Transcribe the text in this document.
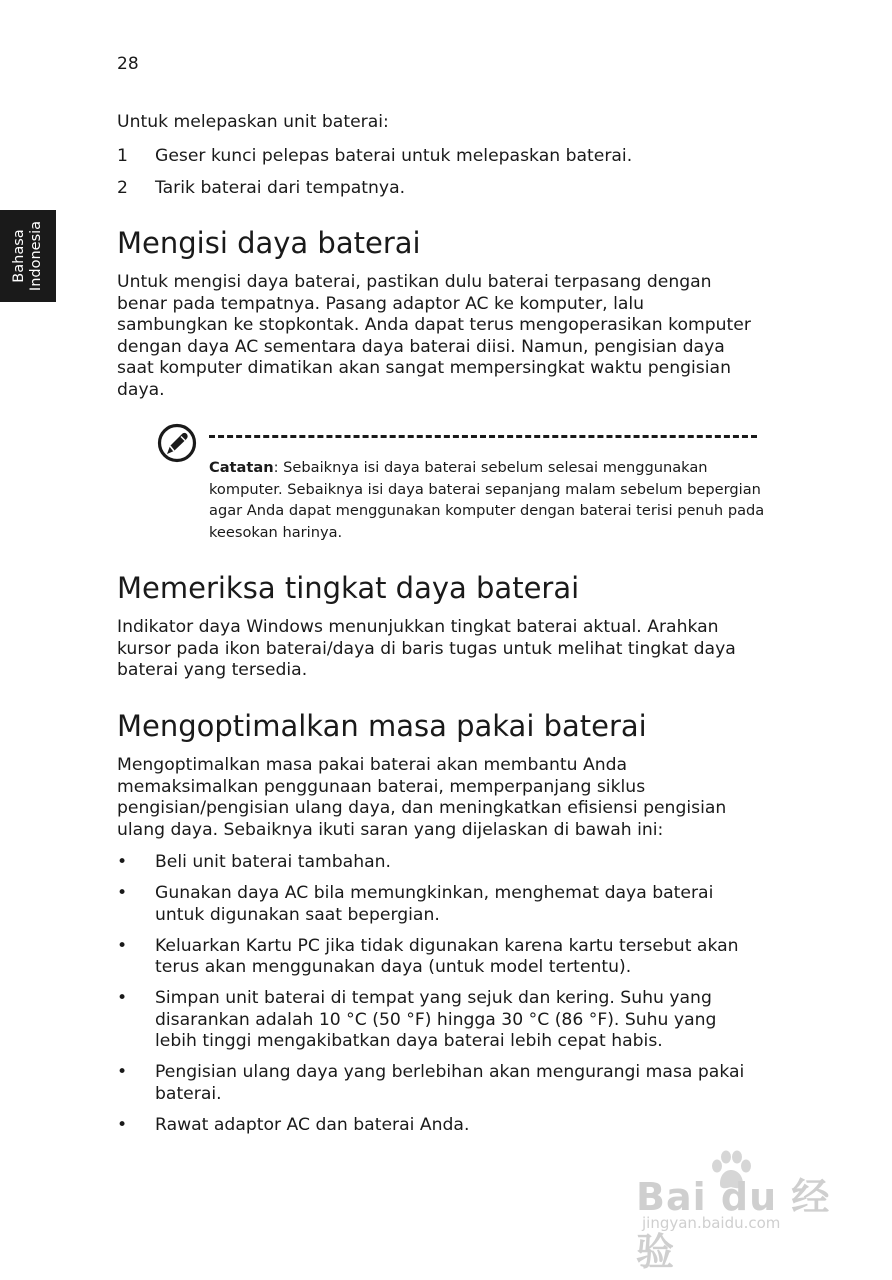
28
Bahasa Indonesia

Untuk melepaskan unit baterai:

1 Geser kunci pelepas baterai untuk melepaskan baterai.
2 Tarik baterai dari tempatnya.
Mengisi daya baterai

Untuk mengisi daya baterai, pastikan dulu baterai terpasang dengan benar pada tempatnya. Pasang adaptor AC ke komputer, lalu sambungkan ke stopkontak. Anda dapat terus mengoperasikan komputer dengan daya AC sementara daya baterai diisi. Namun, pengisian daya saat komputer dimatikan akan sangat mempersingkat waktu pengisian daya.

Catatan: Sebaiknya isi daya baterai sebelum selesai menggunakan komputer. Sebaiknya isi daya baterai sepanjang malam sebelum bepergian agar Anda dapat menggunakan komputer dengan baterai terisi penuh pada keesokan harinya.
Memeriksa tingkat daya baterai

Indikator daya Windows menunjukkan tingkat baterai aktual. Arahkan kursor pada ikon baterai/daya di baris tugas untuk melihat tingkat daya baterai yang tersedia.

Mengoptimalkan masa pakai baterai

Mengoptimalkan masa pakai baterai akan membantu Anda memaksimalkan penggunaan baterai, memperpanjang siklus pengisian/pengisian ulang daya, dan meningkatkan efisiensi pengisian ulang daya. Sebaiknya ikuti saran yang dijelaskan di bawah ini:

• Beli unit baterai tambahan.
• Gunakan daya AC bila memungkinkan, menghemat daya baterai untuk digunakan saat bepergian.
• Keluarkan Kartu PC jika tidak digunakan karena kartu tersebut akan terus akan menggunakan daya (untuk model tertentu).
• Simpan unit baterai di tempat yang sejuk dan kering. Suhu yang disarankan adalah 10 °C (50 °F) hingga 30 °C (86 °F). Suhu yang lebih tinggi mengakibatkan daya baterai lebih cepat habis.
• Pengisian ulang daya yang berlebihan akan mengurangi masa pakai baterai.
• Rawat adaptor AC dan baterai Anda.
Bai du 经验
jingyan.baidu.com
